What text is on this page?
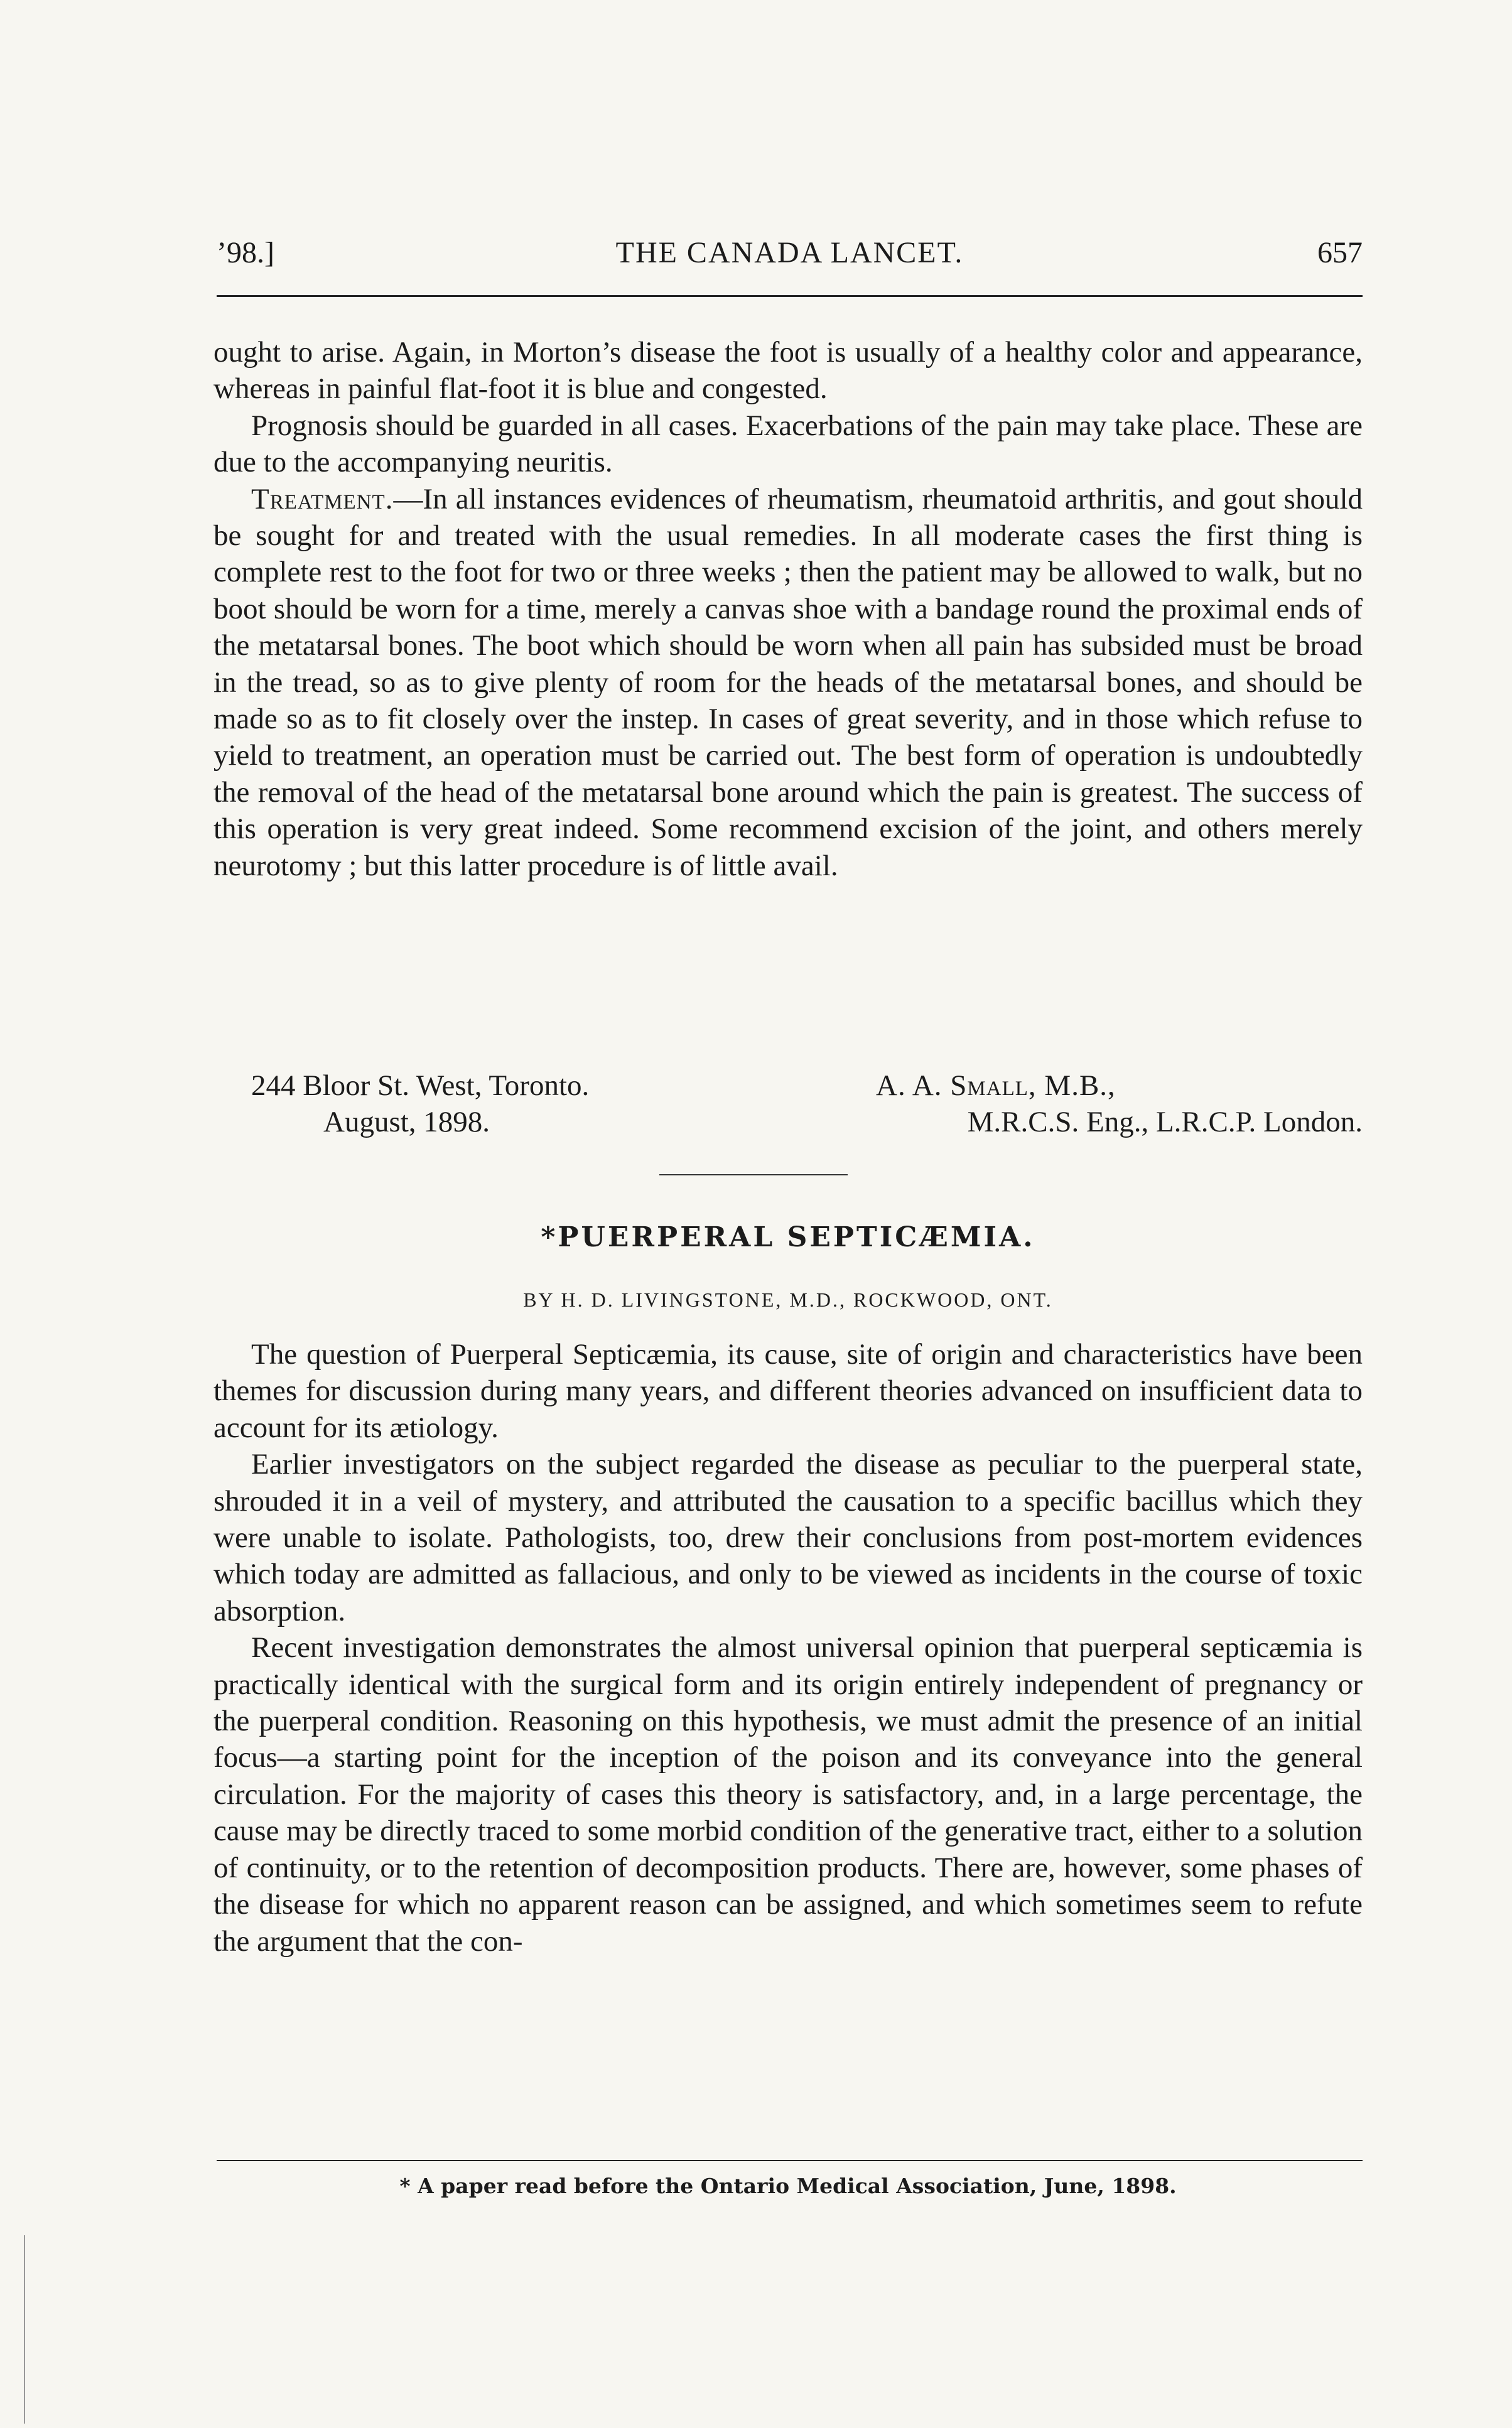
’98.]	THE CANADA LANCET.	657

ought to arise. Again, in Morton’s disease the foot is usually of a healthy color and appearance, whereas in painful flat-foot it is blue and congested.

Prognosis should be guarded in all cases. Exacerbations of the pain may take place. These are due to the accompanying neuritis.

Treatment.—In all instances evidences of rheumatism, rheumatoid arthritis, and gout should be sought for and treated with the usual remedies. In all moderate cases the first thing is complete rest to the foot for two or three weeks ; then the patient may be allowed to walk, but no boot should be worn for a time, merely a canvas shoe with a bandage round the proximal ends of the metatarsal bones. The boot which should be worn when all pain has subsided must be broad in the tread, so as to give plenty of room for the heads of the metatarsal bones, and should be made so as to fit closely over the instep. In cases of great severity, and in those which refuse to yield to treatment, an operation must be carried out. The best form of operation is undoubtedly the removal of the head of the metatarsal bone around which the pain is greatest. The success of this operation is very great indeed. Some recommend excision of the joint, and others merely neurotomy ; but this latter procedure is of little avail.

244 Bloor St. West, Toronto.
August, 1898.
A. A. Small, M.B.,
M.R.C.S. Eng., L.R.C.P. London.
*PUERPERAL SEPTICÆMIA.
BY H. D. LIVINGSTONE, M.D., ROCKWOOD, ONT.

The question of Puerperal Septicæmia, its cause, site of origin and characteristics have been themes for discussion during many years, and different theories advanced on insufficient data to account for its ætiology.

Earlier investigators on the subject regarded the disease as peculiar to the puerperal state, shrouded it in a veil of mystery, and attributed the causation to a specific bacillus which they were unable to isolate. Pathologists, too, drew their conclusions from post-mortem evidences which today are admitted as fallacious, and only to be viewed as incidents in the course of toxic absorption.

Recent investigation demonstrates the almost universal opinion that puerperal septicæmia is practically identical with the surgical form and its origin entirely independent of pregnancy or the puerperal condition. Reasoning on this hypothesis, we must admit the presence of an initial focus—a starting point for the inception of the poison and its conveyance into the general circulation. For the majority of cases this theory is satisfactory, and, in a large percentage, the cause may be directly traced to some morbid condition of the generative tract, either to a solution of continuity, or to the retention of decomposition products. There are, however, some phases of the disease for which no apparent reason can be assigned, and which sometimes seem to refute the argument that the con-

* A paper read before the Ontario Medical Association, June, 1898.
